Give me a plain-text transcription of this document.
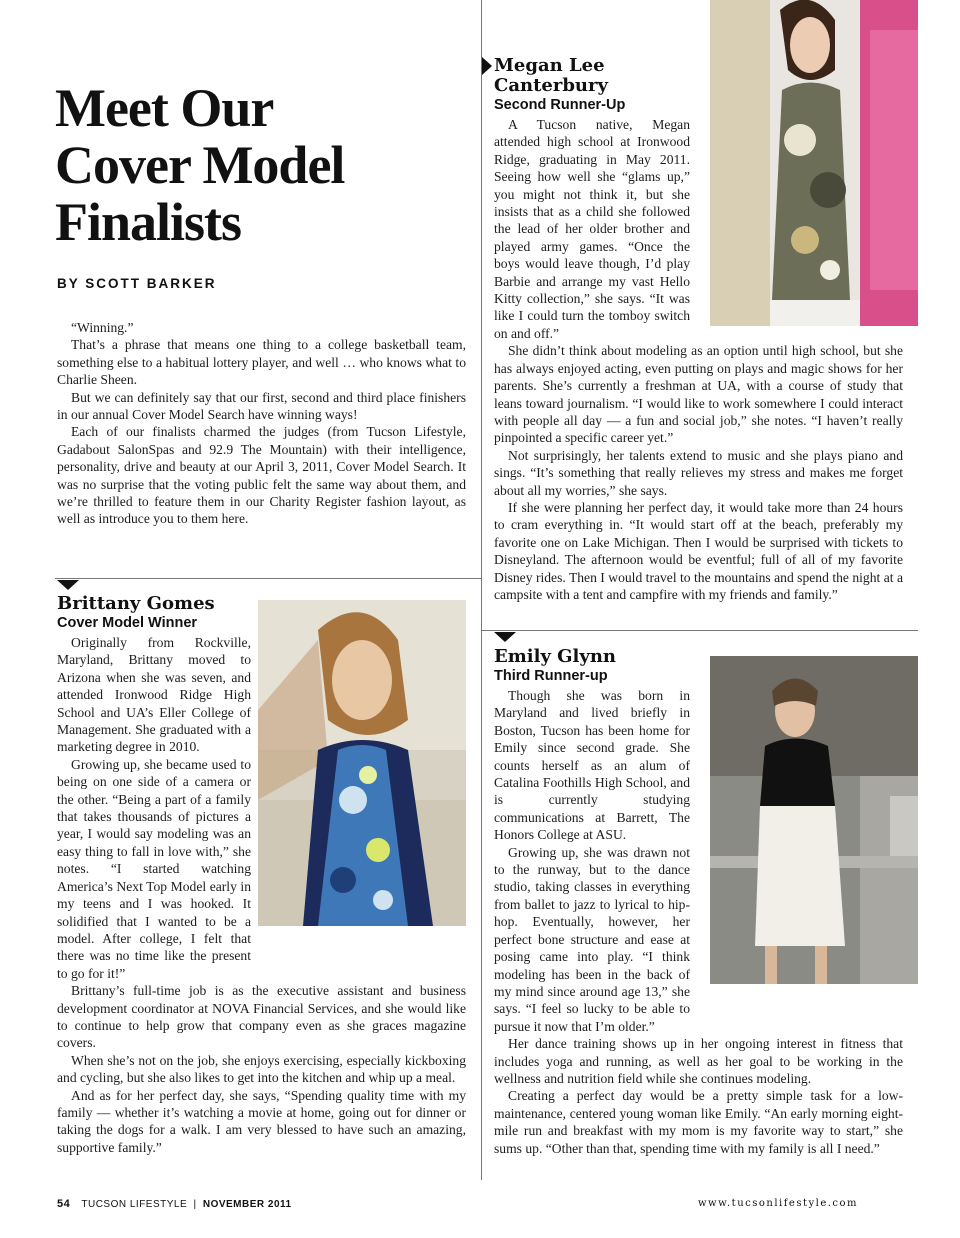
Meet Our
Cover Model
Finalists
BY SCOTT BARKER

“Winning.”

That’s a phrase that means one thing to a college basketball team, something else to a habitual lottery player, and well … who knows what to Charlie Sheen.

But we can definitely say that our first, second and third place finishers in our annual Cover Model Search have winning ways!

Each of our finalists charmed the judges (from Tucson Lifestyle, Gadabout SalonSpas and 92.9 The Mountain) with their intelligence, personality, drive and beauty at our April 3, 2011, Cover Model Search. It was no surprise that the voting public felt the same way about them, and we’re thrilled to feature them in our Charity Register fashion layout, as well as introduce you to them here.

Brittany Gomes
Cover Model Winner

Originally from Rockville, Maryland, Brittany moved to Arizona when she was seven, and attended Ironwood Ridge High School and UA’s Eller College of Management. She graduated with a marketing degree in 2010.

Growing up, she became used to being on one side of a camera or the other. “Being a part of a family that takes thousands of pictures a year, I would say modeling was an easy thing to fall in love with,” she notes. “I started watching America’s Next Top Model early in my teens and I was hooked. It solidified that I wanted to be a model. After college, I felt that there was no time like the present to go for it!”

Brittany’s full-time job is as the executive assistant and business development coordinator at NOVA Financial Services, and she would like to continue to help grow that company even as she graces magazine covers.

When she’s not on the job, she enjoys exercising, especially kickboxing and cycling, but she also likes to get into the kitchen and whip up a meal.

And as for her perfect day, she says, “Spending quality time with my family — whether it’s watching a movie at home, going out for dinner or taking the dogs for a walk. I am very blessed to have such an amazing, supportive family.”

Megan Lee
Canterbury
Second Runner-Up

A Tucson native, Megan attended high school at Ironwood Ridge, graduating in May 2011. Seeing how well she “glams up,” you might not think it, but she insists that as a child she followed the lead of her older brother and played army games. “Once the boys would leave though, I’d play Barbie and arrange my vast Hello Kitty collection,” she says. “It was like I could turn the tomboy switch on and off.”

She didn’t think about modeling as an option until high school, but she has always enjoyed acting, even putting on plays and magic shows for her parents. She’s currently a freshman at UA, with a course of study that leans toward journalism. “I would like to work somewhere I could interact with people all day — a fun and social job,” she notes. “I haven’t really pinpointed a specific career yet.”

Not surprisingly, her talents extend to music and she plays piano and sings. “It’s something that really relieves my stress and makes me forget about all my worries,” she says.

If she were planning her perfect day, it would take more than 24 hours to cram everything in. “It would start off at the beach, preferably my favorite one on Lake Michigan. Then I would be surprised with tickets to Disneyland. The afternoon would be eventful; full of all of my favorite Disney rides. Then I would travel to the mountains and spend the night at a campsite with a tent and campfire with my friends and family.”

Emily Glynn
Third Runner-up

Though she was born in Maryland and lived briefly in Boston, Tucson has been home for Emily since second grade. She counts herself as an alum of Catalina Foothills High School, and is currently studying communications at Barrett, The Honors College at ASU.

Growing up, she was drawn not to the runway, but to the dance studio, taking classes in everything from ballet to jazz to lyrical to hip-hop. Eventually, however, her perfect bone structure and ease at posing came into play. “I think modeling has been in the back of my mind since around age 13,” she says. “I feel so lucky to be able to pursue it now that I’m older.”

Her dance training shows up in her ongoing interest in fitness that includes yoga and running, as well as her goal to be working in the wellness and nutrition field while she continues modeling.

Creating a perfect day would be a pretty simple task for a low-maintenance, centered young woman like Emily. “An early morning eight-mile run and breakfast with my mom is my favorite way to start,” she sums up. “Other than that, spending time with my family is all I need.”

54 TUCSON LIFESTYLE | NOVEMBER 2011	www.tucsonlifestyle.com
